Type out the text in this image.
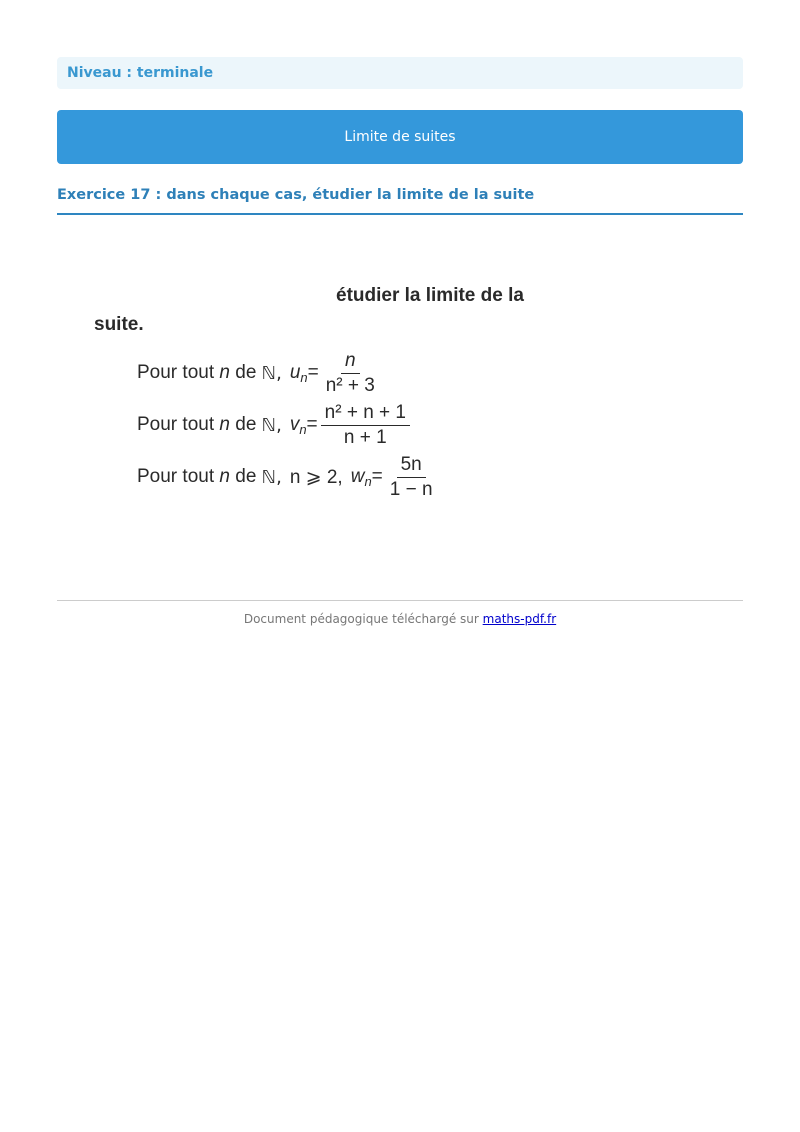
Niveau : terminale
Limite de suites
Exercice 17 : dans chaque cas, étudier la limite de la suite
étudier la limite de la
suite.
Pour tout
n
de
ℕ, $u_n = \frac{n}{\text{n² + 3}}$
Pour tout
n
de
ℕ, $v_n = \frac{\text{n² + n + 1}}{n + 1}$
Pour tout
n
de
ℕ, n ⩾ 2, $w_n = \frac{5n}{1 - n}$
Document pédagogique téléchargé sur maths-pdf.fr
